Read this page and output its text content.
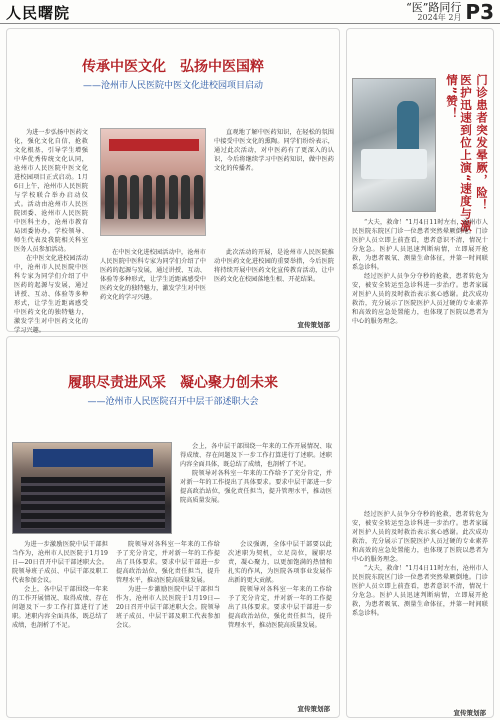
人民曙院	“医”路同行
2024年 2月 P3
传承中医文化　弘扬中医国粹
——沧州市人民医院中医文化进校园项目启动

为进一步弘扬中医药文化，强化文化自信，抢救文化根基，引导学生增强中华优秀传统文化认同，沧州市人民医院中医文化进校园项目正式启动。1月6日上午，沧州市人民医院与学校联合举办启动仪式。活动由沧州市人民医院团委、沧州市人民医院中医科主办，沧州市教育局团委协办。学校领导、师生代表及我院相关科室医务人员参加活动。

在中医文化进校园活动中，沧州市人民医院中医科专家为同学们介绍了中医药的起源与发展，通过讲授、互动、体验等多种形式，让学生近距离感受中医药文化的独特魅力，激发学生对中医药文化的学习兴趣。

在中医文化进校园活动中，沧州市人民医院中医科专家为同学们介绍了中医药的起源与发展，通过讲授、互动、体验等多种形式，让学生近距离感受中医药文化的独特魅力，激发学生对中医药文化的学习兴趣。

直观地了解中医药知识，在轻松的氛围中接受中医文化的熏陶。同学们纷纷表示，通过此次活动，对中医药有了更深入的认识，今后将继续学习中医药知识，做中医药文化的传播者。

此次活动的开展，是沧州市人民医院推动中医药文化进校园的重要举措，今后医院将持续开展中医药文化宣传教育活动，让中医药文化在校园落地生根、开花结果。

宣传策划部
履职尽责进风采　凝心聚力创未来
——沧州市人民医院召开中层干部述职大会

会上，各中层干部围绕一年来的工作开展情况、取得成绩、存在问题及下一步工作打算进行了述职。述职内容全面具体，既总结了成绩，也剖析了不足。

院领导对各科室一年来的工作给予了充分肯定，并对新一年的工作提出了具体要求。要求中层干部进一步提高政治站位，强化责任担当，提升管理水平，推动医院高质量发展。

为进一步激励医院中层干部担当作为，沧州市人民医院于1月19日—20日召开中层干部述职大会。院领导班子成员、中层干部及职工代表参加会议。

会上，各中层干部围绕一年来的工作开展情况、取得成绩、存在问题及下一步工作打算进行了述职。述职内容全面具体，既总结了成绩，也剖析了不足。

院领导对各科室一年来的工作给予了充分肯定，并对新一年的工作提出了具体要求。要求中层干部进一步提高政治站位，强化责任担当，提升管理水平，推动医院高质量发展。

为进一步激励医院中层干部担当作为，沧州市人民医院于1月19日—20日召开中层干部述职大会。院领导班子成员、中层干部及职工代表参加会议。

会议强调，全体中层干部要以此次述职为契机，立足岗位，履职尽责，凝心聚力，以更加饱满的热情和扎实的作风，为医院各项事业发展作出新的更大贡献。

院领导对各科室一年来的工作给予了充分肯定，并对新一年的工作提出了具体要求。要求中层干部进一步提高政治站位，强化责任担当，提升管理水平，推动医院高质量发展。

宣传策划部
医护迅速到位上演“速度与激情”赞！	门诊患者突发晕厥，险！

“大夫，救命！”1月4日11时左右，沧州市人民医院东院区门诊一位患者突然晕厥倒地。门诊医护人员立即上前查看，患者意识不清，情况十分危急。医护人员迅速判断病情，立即展开抢救，为患者吸氧、测量生命体征，并第一时间联系急诊科。

经过医护人员争分夺秒的抢救，患者转危为安，被安全转运至急诊科进一步治疗。患者家属对医护人员的及时救治表示衷心感谢。此次成功救治，充分展示了医院医护人员过硬的专业素养和高效的应急处置能力，也体现了医院以患者为中心的服务理念。

经过医护人员争分夺秒的抢救，患者转危为安，被安全转运至急诊科进一步治疗。患者家属对医护人员的及时救治表示衷心感谢。此次成功救治，充分展示了医院医护人员过硬的专业素养和高效的应急处置能力，也体现了医院以患者为中心的服务理念。

“大夫，救命！”1月4日11时左右，沧州市人民医院东院区门诊一位患者突然晕厥倒地。门诊医护人员立即上前查看，患者意识不清，情况十分危急。医护人员迅速判断病情，立即展开抢救，为患者吸氧、测量生命体征，并第一时间联系急诊科。

宣传策划部
